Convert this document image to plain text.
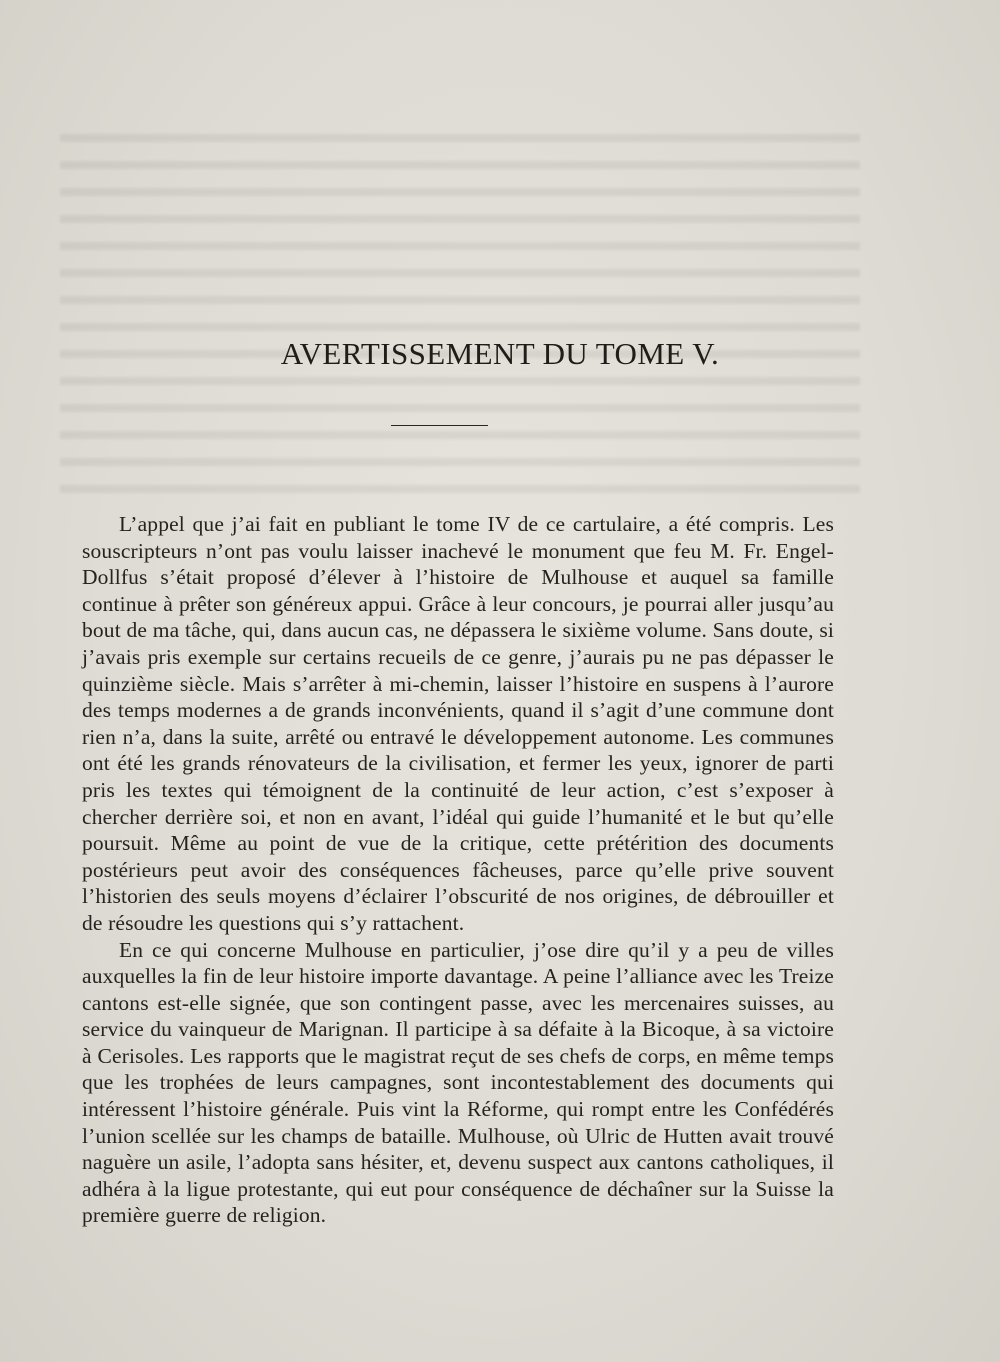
AVERTISSEMENT DU TOME V.

L’appel que j’ai fait en publiant le tome IV de ce cartulaire, a été compris. Les souscripteurs n’ont pas voulu laisser inachevé le monument que feu M. Fr. Engel-Dollfus s’était proposé d’élever à l’histoire de Mulhouse et auquel sa famille continue à prêter son généreux appui. Grâce à leur concours, je pourrai aller jusqu’au bout de ma tâche, qui, dans aucun cas, ne dépassera le sixième volume. Sans doute, si j’avais pris exemple sur certains recueils de ce genre, j’aurais pu ne pas dépasser le quinzième siècle. Mais s’arrêter à mi-chemin, laisser l’histoire en suspens à l’aurore des temps modernes a de grands inconvénients, quand il s’agit d’une commune dont rien n’a, dans la suite, arrêté ou entravé le développement autonome. Les communes ont été les grands rénovateurs de la civilisation, et fermer les yeux, ignorer de parti pris les textes qui témoignent de la continuité de leur action, c’est s’exposer à chercher derrière soi, et non en avant, l’idéal qui guide l’humanité et le but qu’elle poursuit. Même au point de vue de la critique, cette prétérition des documents postérieurs peut avoir des conséquences fâcheuses, parce qu’elle prive souvent l’historien des seuls moyens d’éclairer l’obscurité de nos origines, de débrouiller et de résoudre les questions qui s’y rattachent.

En ce qui concerne Mulhouse en particulier, j’ose dire qu’il y a peu de villes auxquelles la fin de leur histoire importe davantage. A peine l’alliance avec les Treize cantons est-elle signée, que son contingent passe, avec les mercenaires suisses, au service du vainqueur de Marignan. Il participe à sa défaite à la Bicoque, à sa victoire à Cerisoles. Les rapports que le magistrat reçut de ses chefs de corps, en même temps que les trophées de leurs campagnes, sont incontestablement des documents qui intéressent l’histoire générale. Puis vint la Réforme, qui rompt entre les Confédérés l’union scellée sur les champs de bataille. Mulhouse, où Ulric de Hutten avait trouvé naguère un asile, l’adopta sans hésiter, et, devenu suspect aux cantons catholiques, il adhéra à la ligue protestante, qui eut pour conséquence de déchaîner sur la Suisse la première guerre de religion.
